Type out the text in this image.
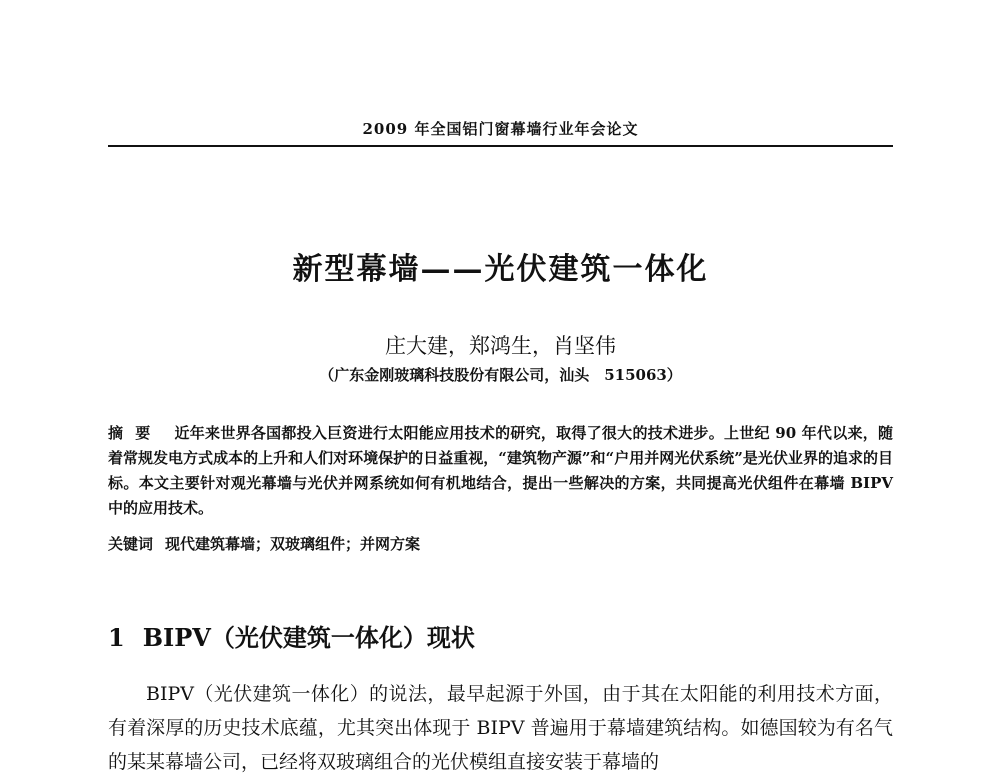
2009 年全国铝门窗幕墙行业年会论文
新型幕墙——光伏建筑一体化
庄大建，郑鸿生，肖坚伟
（广东金刚玻璃科技股份有限公司，汕头　515063）

摘要 近年来世界各国都投入巨资进行太阳能应用技术的研究，取得了很大的技术进步。上世纪 90 年代以来，随着常规发电方式成本的上升和人们对环境保护的日益重视，“建筑物产源”和“户用并网光伏系统”是光伏业界的追求的目标。本文主要针对观光幕墙与光伏并网系统如何有机地结合，提出一些解决的方案，共同提高光伏组件在幕墙 BIPV 中的应用技术。

关键词 现代建筑幕墙；双玻璃组件；并网方案

1 BIPV（光伏建筑一体化）现状

BIPV（光伏建筑一体化）的说法，最早起源于外国，由于其在太阳能的利用技术方面，有着深厚的历史技术底蕴，尤其突出体现于 BIPV 普遍用于幕墙建筑结构。如德国较为有名气的某某幕墙公司，已经将双玻璃组合的光伏模组直接安装于幕墙的
